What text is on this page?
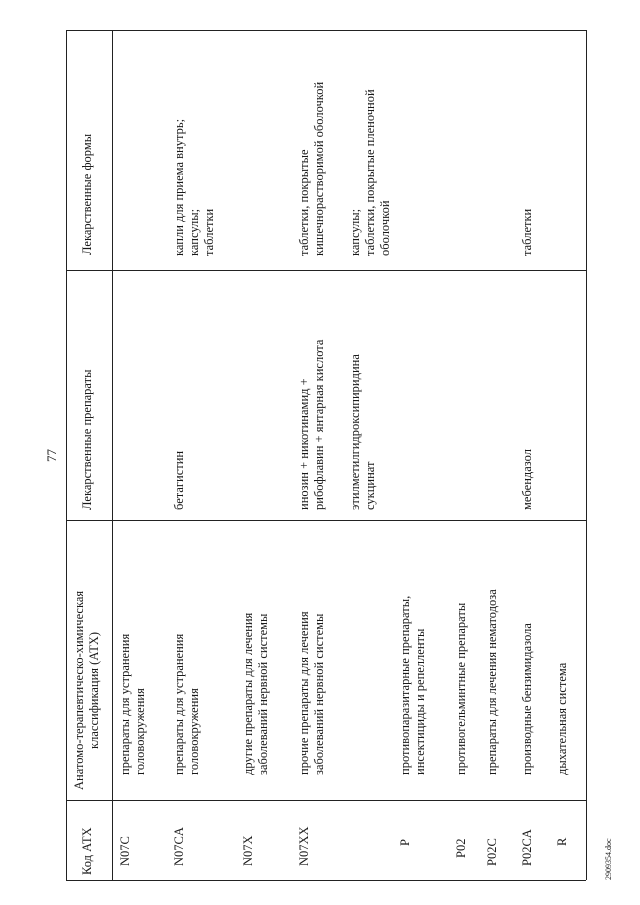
77
Код АТХ
Анатомо-терапевтическо-химическая
классификация (АТХ)
Лекарственные препараты
Лекарственные формы
N07C
препараты для устранения
головокружения
N07CA
препараты для устранения
головокружения
бетагистин
капли для приема внутрь;
капсулы;
таблетки
N07X
другие препараты для лечения
заболеваний нервной системы
N07XX
прочие препараты для лечения
заболеваний нервной системы
инозин + никотинамид +
рибофлавин + янтарная кислота
таблетки, покрытые
кишечнорастворимой оболочкой
этилметилгидроксипиридина
сукцинат
капсулы;
таблетки, покрытые пленочной
оболочкой
P
противопаразитарные препараты,
инсектициды и репелленты
P02
противогельминтные препараты
P02C
препараты для лечения нематодоза
P02CA
производные бензимидазола
мебендазол
таблетки
R
дыхательная система
2909354.doc
